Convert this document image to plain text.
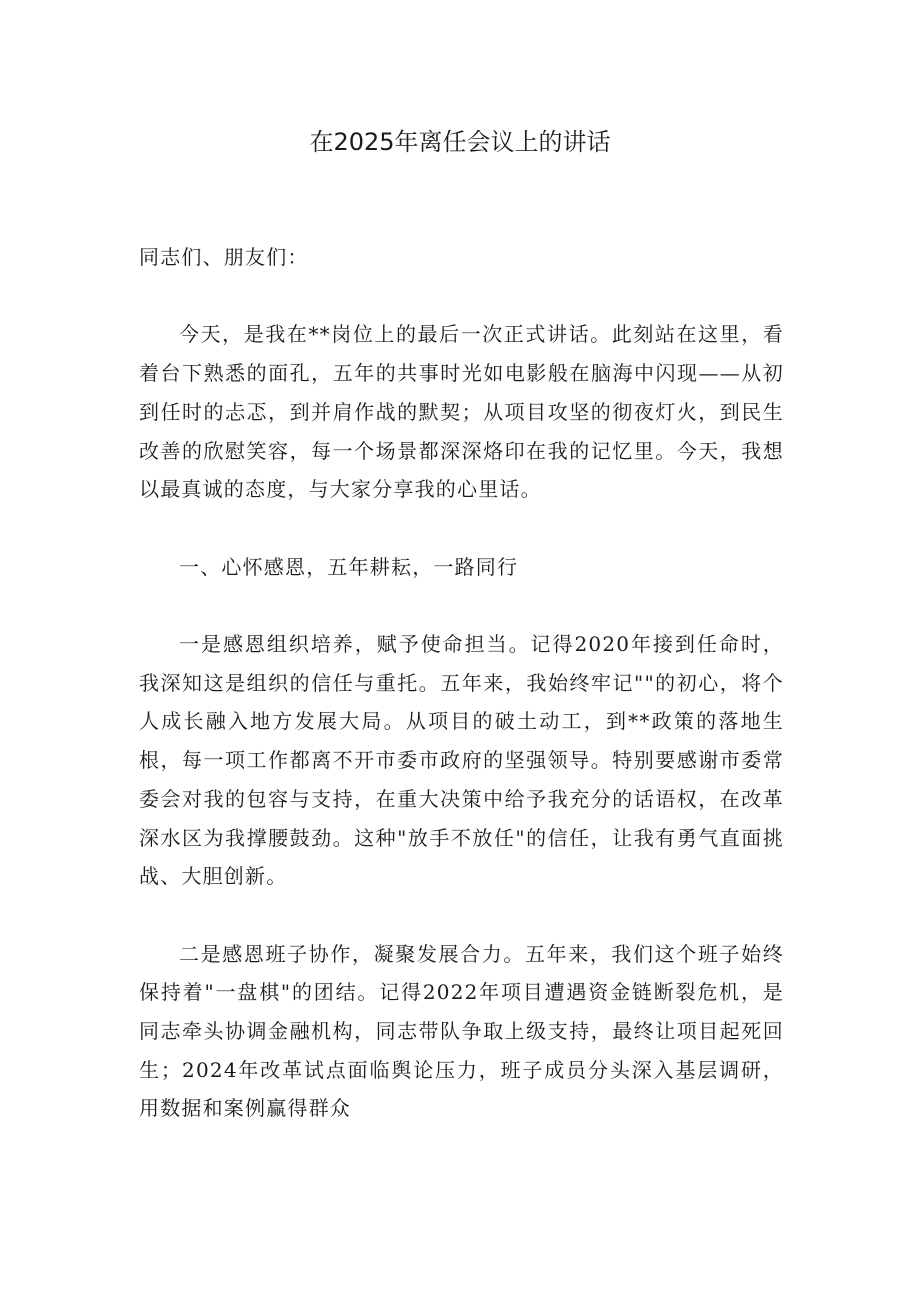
在2025年离任会议上的讲话

同志们、朋友们：

今天，是我在**岗位上的最后一次正式讲话。此刻站在这里，看着台下熟悉的面孔，五年的共事时光如电影般在脑海中闪现——从初到任时的忐忑，到并肩作战的默契；从项目攻坚的彻夜灯火，到民生改善的欣慰笑容，每一个场景都深深烙印在我的记忆里。今天，我想以最真诚的态度，与大家分享我的心里话。

一、心怀感恩，五年耕耘，一路同行

一是感恩组织培养，赋予使命担当。记得2020年接到任命时，我深知这是组织的信任与重托。五年来，我始终牢记""的初心，将个人成长融入地方发展大局。从项目的破土动工，到**政策的落地生根，每一项工作都离不开市委市政府的坚强领导。特别要感谢市委常委会对我的包容与支持，在重大决策中给予我充分的话语权，在改革深水区为我撑腰鼓劲。这种"放手不放任"的信任，让我有勇气直面挑战、大胆创新。

二是感恩班子协作，凝聚发展合力。五年来，我们这个班子始终保持着"一盘棋"的团结。记得2022年项目遭遇资金链断裂危机，是同志牵头协调金融机构，同志带队争取上级支持，最终让项目起死回生；2024年改革试点面临舆论压力，班子成员分头深入基层调研，用数据和案例赢得群众
